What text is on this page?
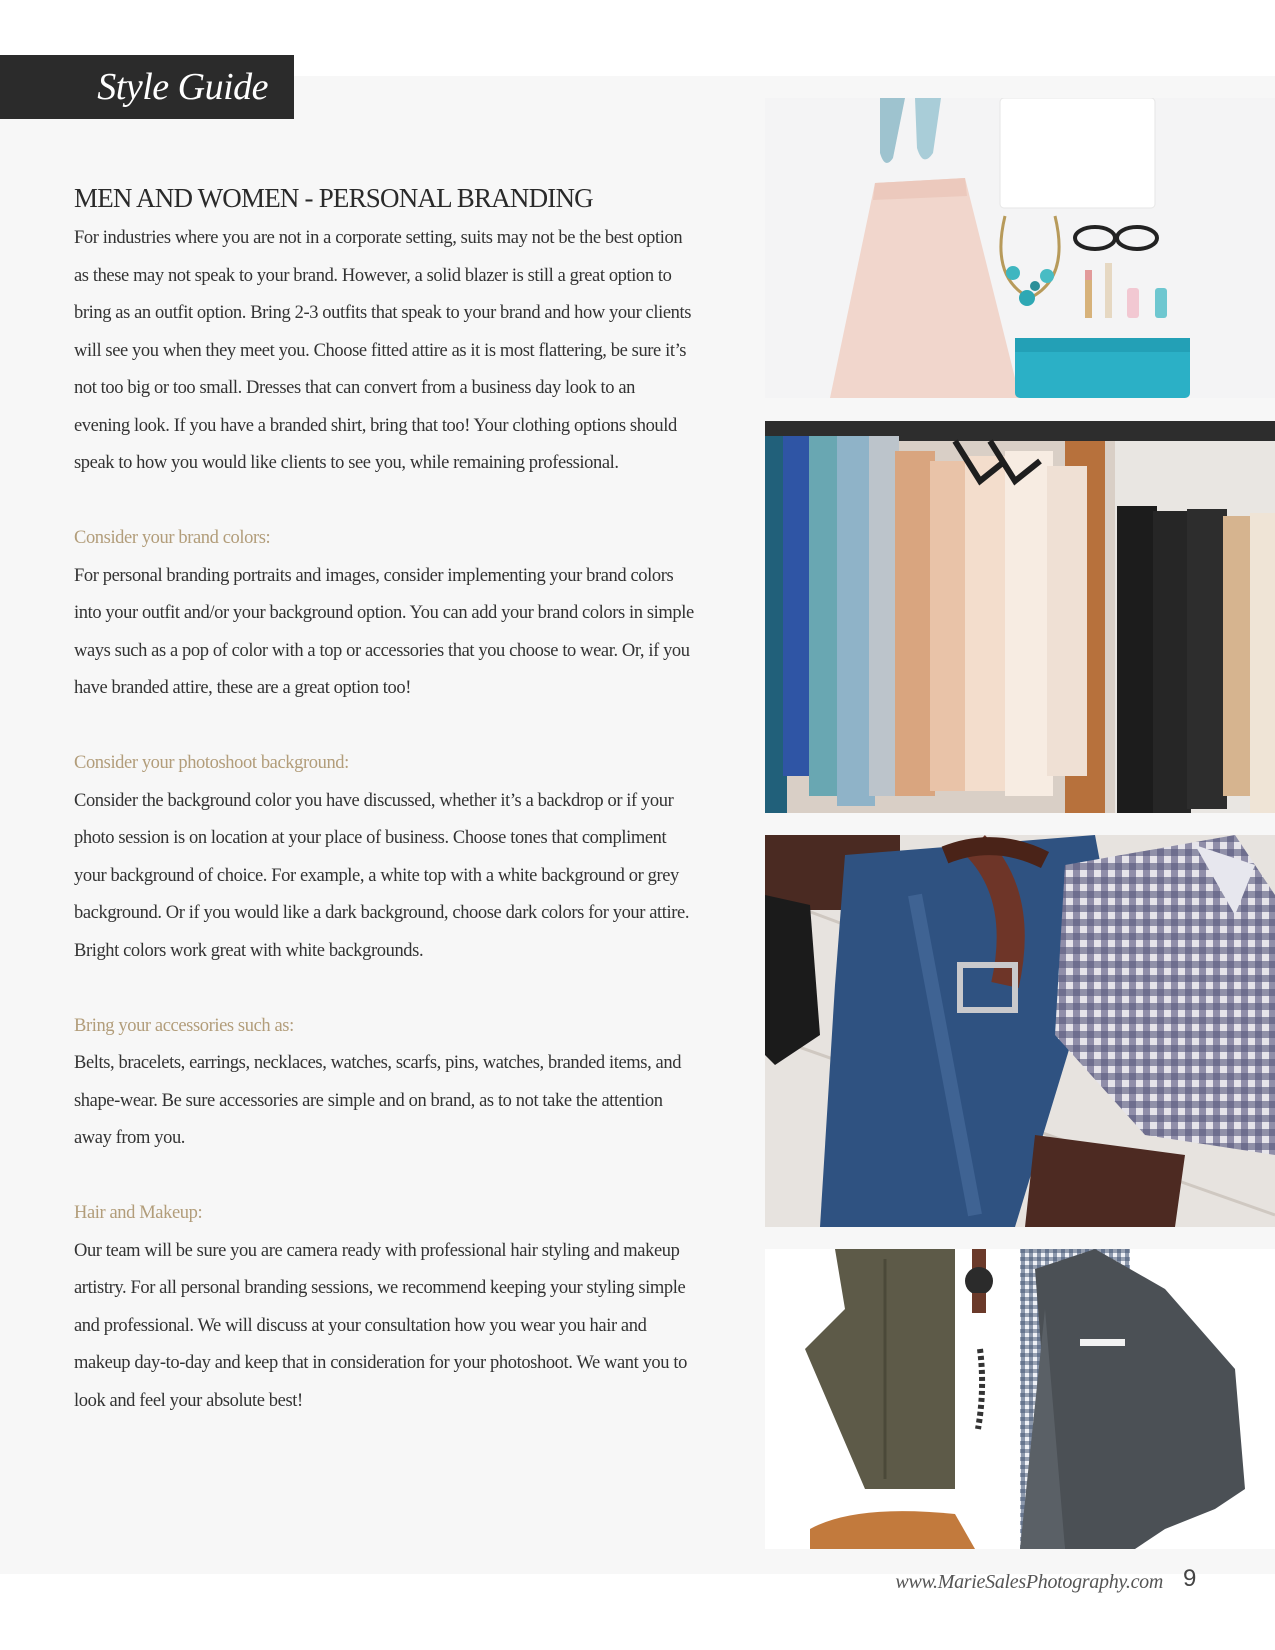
Style Guide
MEN AND WOMEN - PERSONAL BRANDING

For industries where you are not in a corporate setting, suits may not be the best option as these may not speak to your brand. However, a solid blazer is still a great option to bring as an outfit option. Bring 2-3 outfits that speak to your brand and how your clients will see you when they meet you. Choose fitted attire as it is most flattering, be sure it’s not too big or too small. Dresses that can convert from a business day look to an evening look. If you have a branded shirt, bring that too! Your clothing options should speak to how you would like clients to see you, while remaining professional.

Consider your brand colors:

For personal branding portraits and images, consider implementing your brand colors into your outfit and/or your background option. You can add your brand colors in simple ways such as a pop of color with a top or accessories that you choose to wear. Or, if you have branded attire, these are a great option too!

Consider your photoshoot background:

Consider the background color you have discussed, whether it’s a backdrop or if your photo session is on location at your place of business. Choose tones that compliment your background of choice. For example, a white top with a white background or grey background. Or if you would like a dark background, choose dark colors for your attire. Bright colors work great with white backgrounds.

Bring your accessories such as:

Belts, bracelets, earrings, necklaces, watches, scarfs, pins, watches, branded items, and shape-wear. Be sure accessories are simple and on brand, as to not take the attention away from you.

Hair and Makeup:

Our team will be sure you are camera ready with professional hair styling and makeup artistry. For all personal branding sessions, we recommend keeping your styling simple and professional. We will discuss at your consultation how you wear you hair and makeup day-to-day and keep that in consideration for your photoshoot. We want you to look and feel your absolute best!

www.MarieSalesPhotography.com 9
